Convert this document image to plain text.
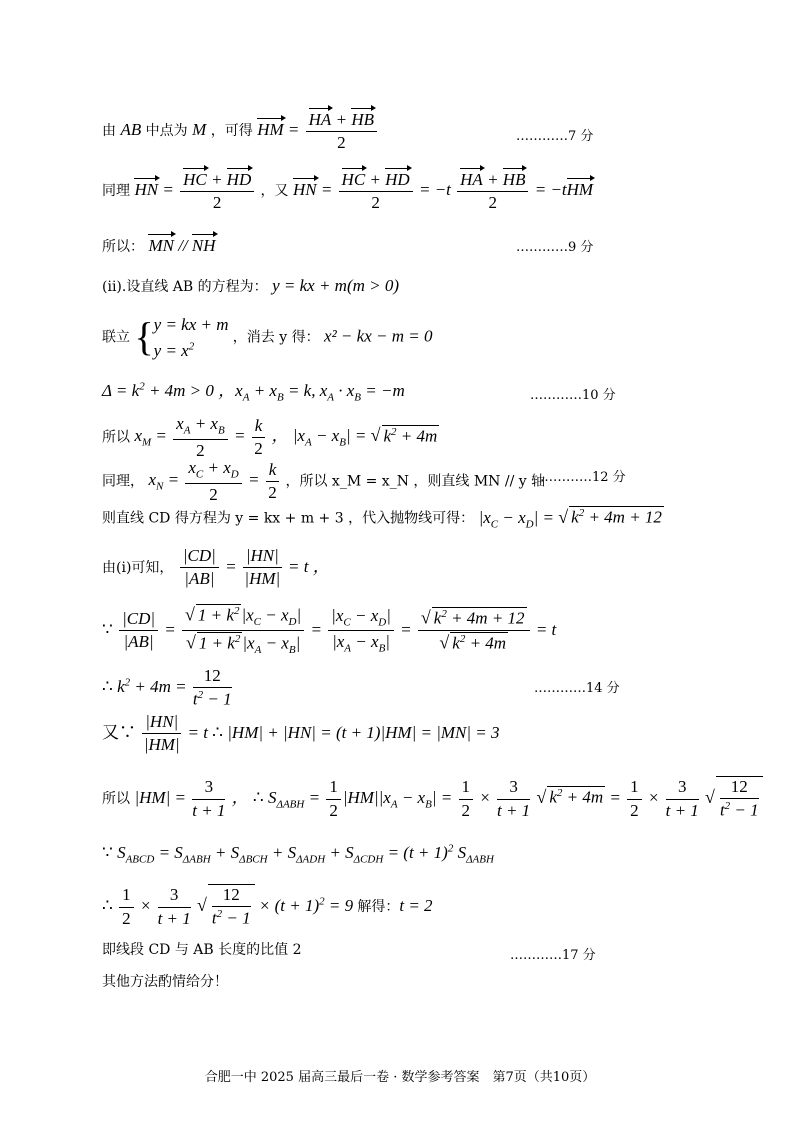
由 AB 中点为 M ，可得 HM = $\frac{HA + HB}{2}$	…………7 分
同理 HN = $\frac{HC + HD}{2}$ ，又 HN = $\frac{HC + HD}{2} = -t \frac{HA + HB}{2} = -tHM$
所以： MN // NH	…………9 分
(ii).设直线 AB 的方程为： y = kx + m(m > 0)
联立 {y = kx + m
$y = x^2$ ，消去 y 得： x² − kx − m = 0
$\Delta = k^2 + 4m > 0$ ，$x_A + x_B = k$, $x_A \cdot x_B = -m$	…………10 分
所以 $x_M = \frac{x_A + x_B}{2} = \frac{k}{2}$ ， $|x_A - x_B|$ = √ $k^2 + 4m$
同理， $x_N = \frac{x_C + x_D}{2} = \frac{k}{2}$ ，所以 x_M = x_N ，则直线 MN // y 轴
…………12 分
则直线 CD 得方程为 y = kx + m + 3 ，代入抛物线可得： $|x_C - x_D|$ = √ $k^2 + 4m + 12$
由(i)可知， $\frac{|CD|}{|AB|} = \frac{|HN|}{|HM|} = t$ ，
∵ $\frac{|CD|}{|AB|} = \frac{√ 1 + k^2 |x_C - x_D|}{√ 1 + k^2 |x_A - x_B|} = \frac{|x_C - x_D|}{|x_A - x_B|} = \frac{√ k^2 + 4m + 12}{√ k^2 + 4m} = t$
∴ $k^2 + 4m = \frac{12}{t^2 - 1}$	…………14 分
又∵ $\frac{|HN|}{|HM|} = t$ ∴ |HM| + |HN| = (t + 1)|HM| = |MN| = 3
所以 $|HM| = \frac{3}{t + 1}$ ， ∴ $S_{\Delta ABH} = \frac{1}{2} |HM||x_A - x_B| = \frac{1}{2} \times \frac{3}{t + 1}$ √ $k^2 + 4m = \frac{1}{2} \times \frac{3}{t + 1}$ √ $\frac{12}{t^2 - 1}$
∵ $S_{ABCD} = S_{\Delta ABH} + S_{\Delta BCH} + S_{\Delta ADH} + S_{\Delta CDH} = (t + 1)^2$ $S_{\Delta ABH}$
∴ $\frac{1}{2} \times \frac{3}{t + 1}$ √ $\frac{12}{t^2 - 1} \times (t + 1)^2 = 9$ 解得：t = 2
即线段 CD 与 AB 长度的比值 2	…………17 分
其他方法酌情给分！
合肥一中 2025 届高三最后一卷 · 数学参考答案　第7页（共10页）
